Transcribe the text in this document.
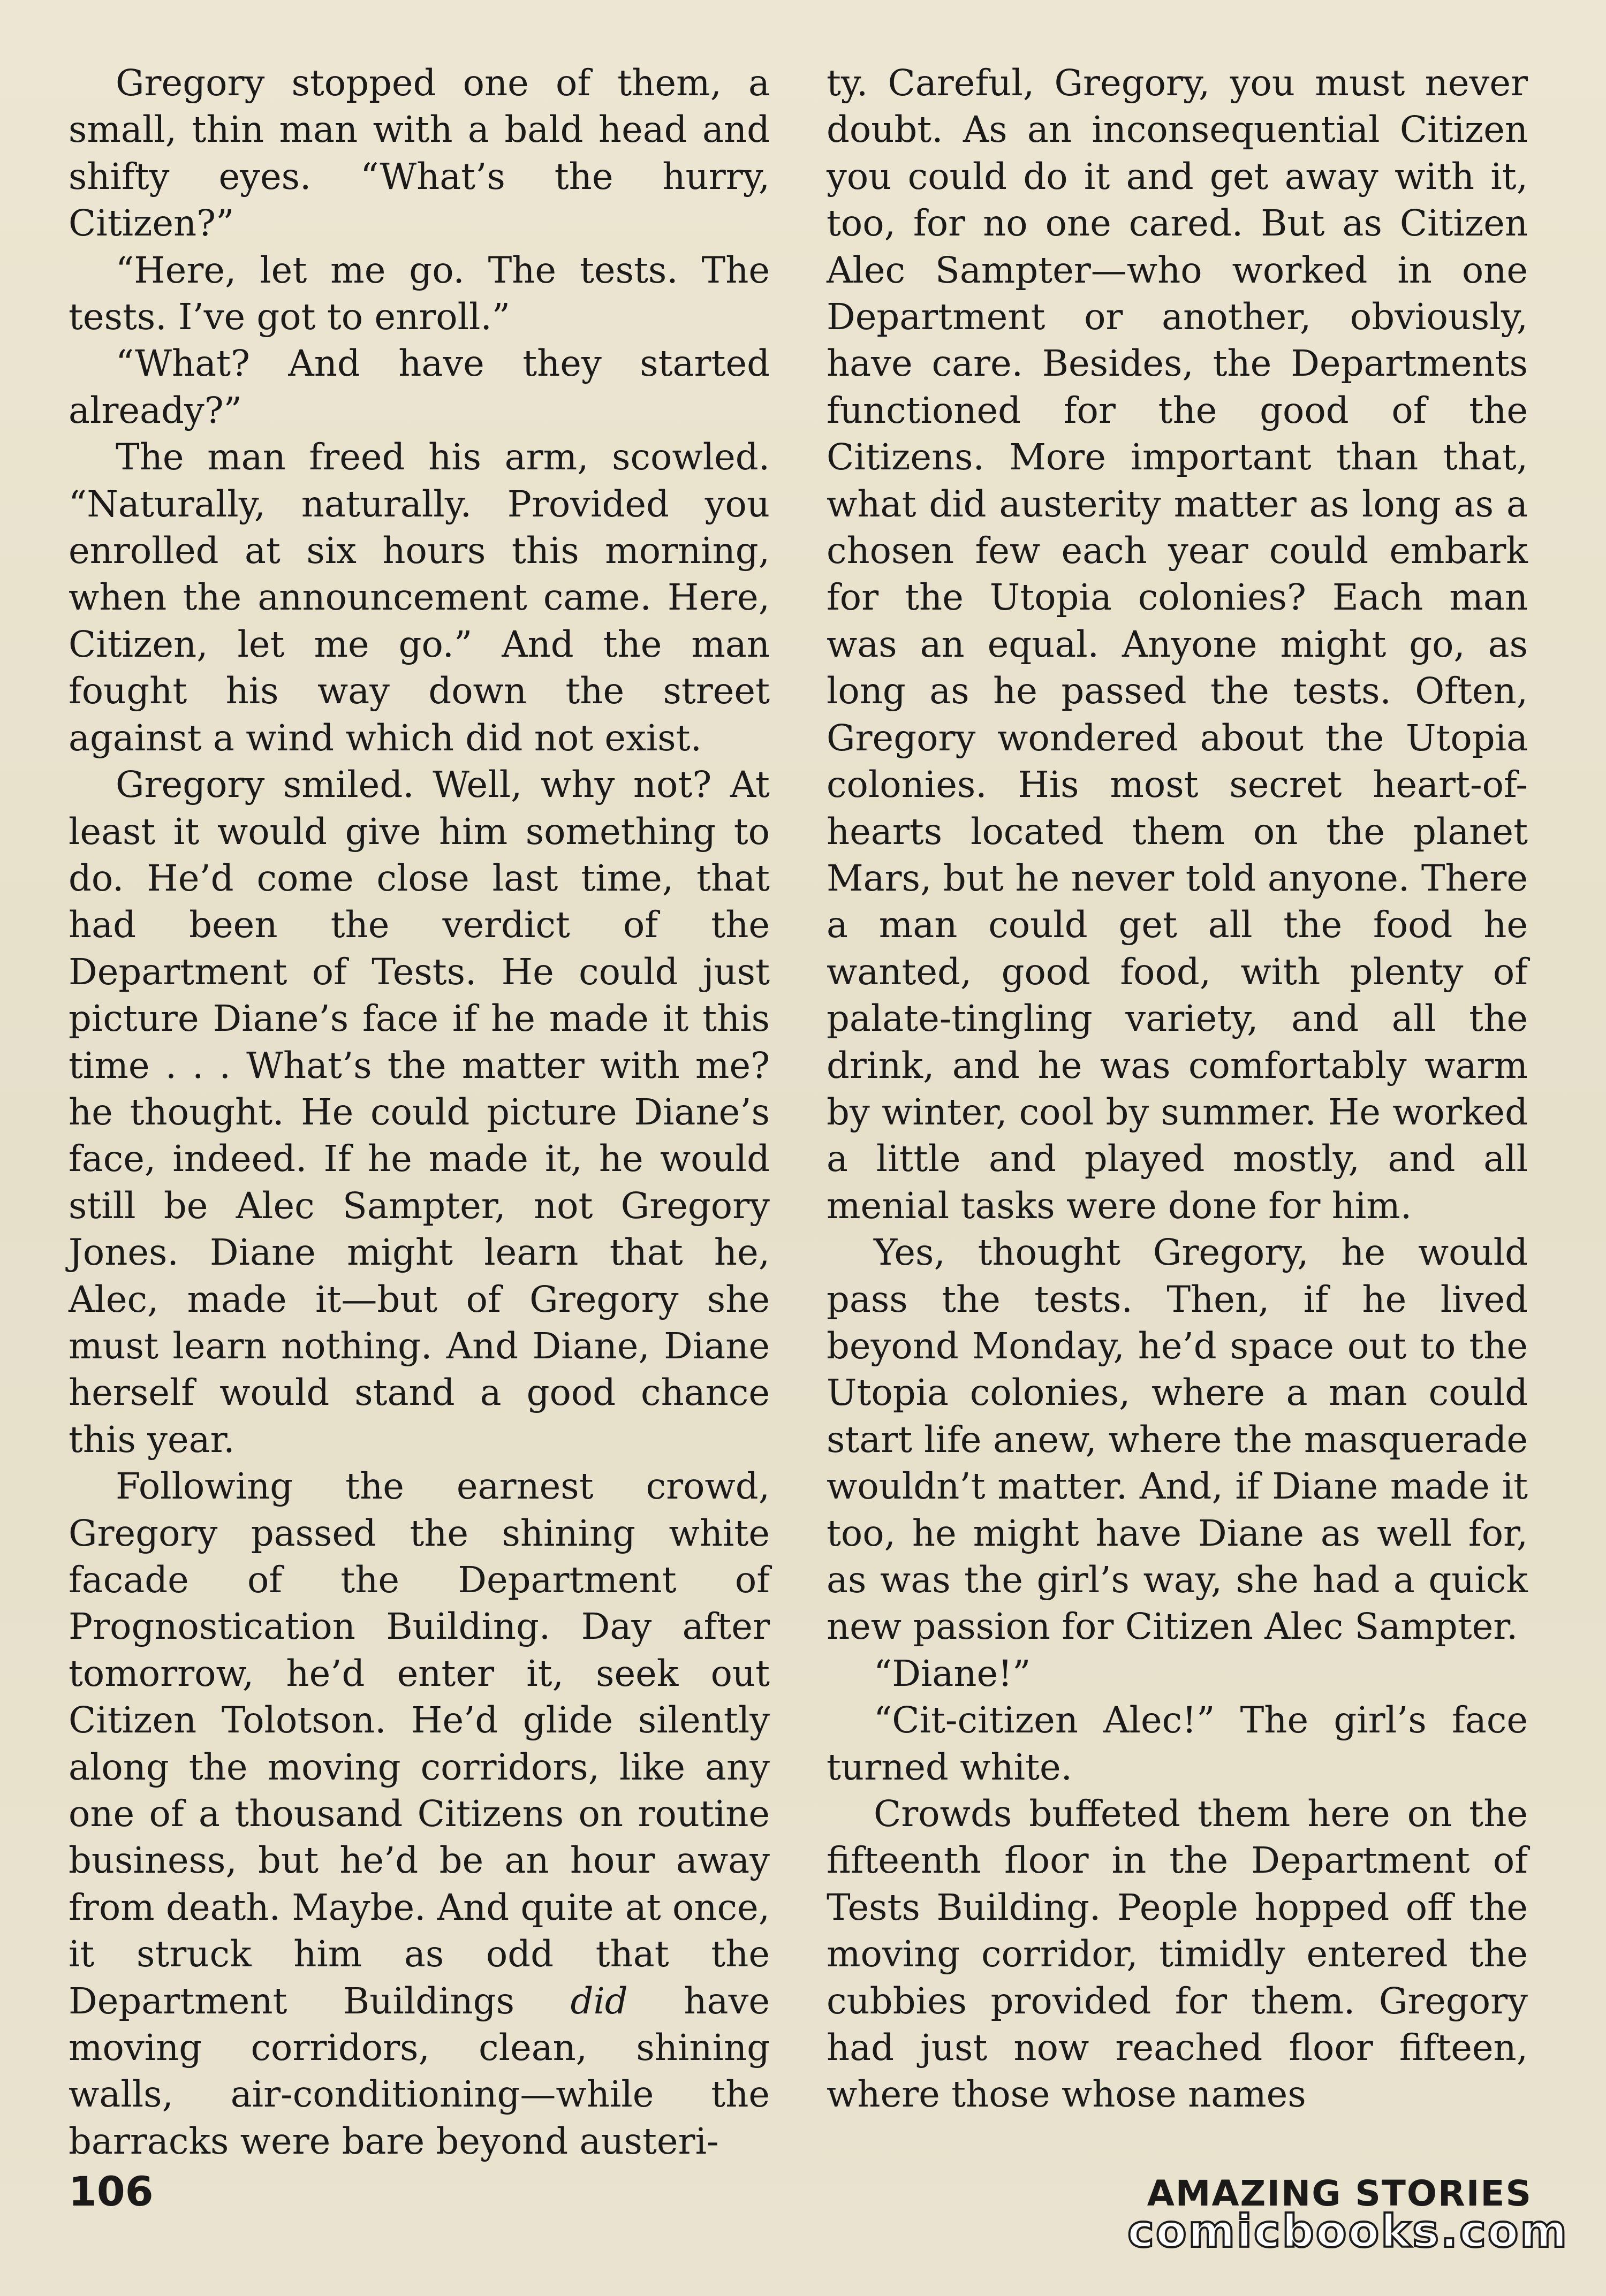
Gregory stopped one of them, a small, thin man with a bald head and shifty eyes. “What’s the hurry, Citizen?”

“Here, let me go. The tests. The tests. I’ve got to enroll.”

“What? And have they started already?”

The man freed his arm, scowled. “Naturally, naturally. Provided you enrolled at six hours this morning, when the announcement came. Here, Citizen, let me go.” And the man fought his way down the street against a wind which did not exist.

Gregory smiled. Well, why not? At least it would give him something to do. He’d come close last time, that had been the verdict of the Department of Tests. He could just picture Diane’s face if he made it this time . . . What’s the matter with me? he thought. He could picture Diane’s face, indeed. If he made it, he would still be Alec Sampter, not Gregory Jones. Diane might learn that he, Alec, made it—but of Gregory she must learn nothing. And Diane, Diane herself would stand a good chance this year.

Following the earnest crowd, Gregory passed the shining white facade of the Department of Prognostication Building. Day after tomorrow, he’d enter it, seek out Citizen Tolotson. He’d glide silently along the moving corridors, like any one of a thousand Citizens on routine business, but he’d be an hour away from death. Maybe. And quite at once, it struck him as odd that the Department Buildings did have moving corridors, clean, shining walls, air-conditioning—while the barracks were bare beyond austeri-

ty. Careful, Gregory, you must never doubt. As an inconsequential Citizen you could do it and get away with it, too, for no one cared. But as Citizen Alec Sampter—who worked in one Department or another, obviously, have care. Besides, the Departments functioned for the good of the Citizens. More important than that, what did austerity matter as long as a chosen few each year could embark for the Utopia colonies? Each man was an equal. Anyone might go, as long as he passed the tests. Often, Gregory wondered about the Utopia colonies. His most secret heart-of-hearts located them on the planet Mars, but he never told anyone. There a man could get all the food he wanted, good food, with plenty of palate-tingling variety, and all the drink, and he was comfortably warm by winter, cool by summer. He worked a little and played mostly, and all menial tasks were done for him.

Yes, thought Gregory, he would pass the tests. Then, if he lived beyond Monday, he’d space out to the Utopia colonies, where a man could start life anew, where the masquerade wouldn’t matter. And, if Diane made it too, he might have Diane as well for, as was the girl’s way, she had a quick new passion for Citizen Alec Sampter.

“Diane!”

“Cit-citizen Alec!” The girl’s face turned white.

Crowds buffeted them here on the fifteenth floor in the Department of Tests Building. People hopped off the moving corridor, timidly entered the cubbies provided for them. Gregory had just now reached floor fifteen, where those whose names

106	AMAZING STORIES
comicbooks.com
